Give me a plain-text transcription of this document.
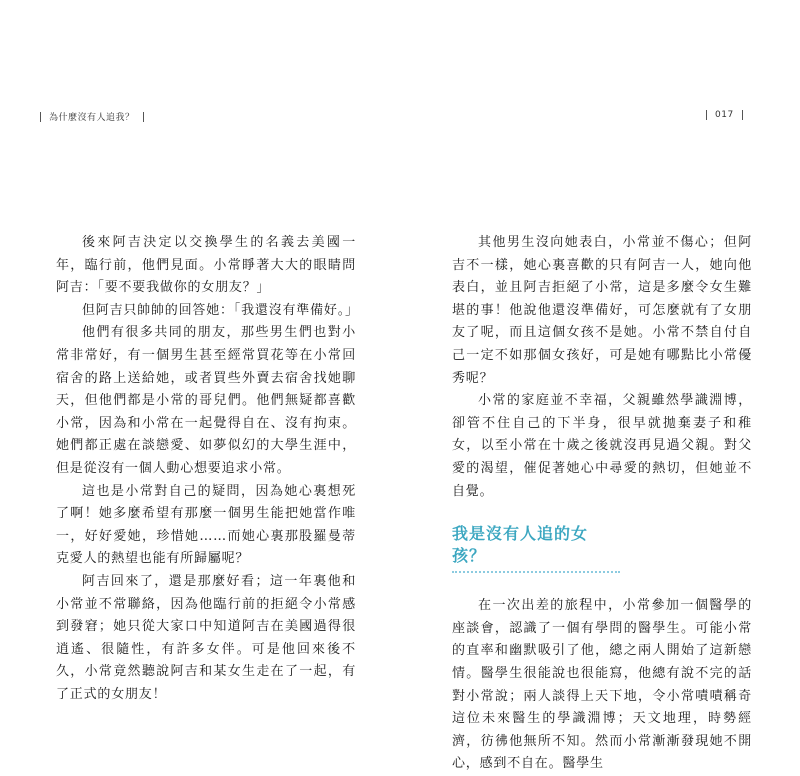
為什麼沒有人追我？	017

後來阿吉決定以交換學生的名義去美國一年，臨行前，他們見面。小常睜著大大的眼睛問阿吉：「要不要我做你的女朋友？」

但阿吉只帥帥的回答她：「我還沒有準備好。」

他們有很多共同的朋友，那些男生們也對小常非常好，有一個男生甚至經常買花等在小常回宿舍的路上送給她，或者買些外賣去宿舍找她聊天，但他們都是小常的哥兒們。他們無疑都喜歡小常，因為和小常在一起覺得自在、沒有拘束。她們都正處在談戀愛、如夢似幻的大學生涯中，但是從沒有一個人動心想要追求小常。

這也是小常對自己的疑問，因為她心裏想死了啊！她多麼希望有那麼一個男生能把她當作唯一，好好愛她，珍惜她……而她心裏那股羅曼蒂克愛人的熱望也能有所歸屬呢？

阿吉回來了，還是那麼好看；這一年裏他和小常並不常聯絡，因為他臨行前的拒絕令小常感到發窘；她只從大家口中知道阿吉在美國過得很逍遙、很隨性，有許多女伴。可是他回來後不久，小常竟然聽說阿吉和某女生走在了一起，有了正式的女朋友！

其他男生沒向她表白，小常並不傷心；但阿吉不一樣，她心裏喜歡的只有阿吉一人，她向他表白，並且阿吉拒絕了小常，這是多麼令女生難堪的事！他說他還沒準備好，可怎麼就有了女朋友了呢，而且這個女孩不是她。小常不禁自付自己一定不如那個女孩好，可是她有哪點比小常優秀呢？

小常的家庭並不幸福，父親雖然學識淵博，卻管不住自己的下半身，很早就拋棄妻子和稚女，以至小常在十歲之後就沒再見過父親。對父愛的渴望，催促著她心中尋愛的熱切，但她並不自覺。

我是沒有人追的女孩？

在一次出差的旅程中，小常參加一個醫學的座談會，認識了一個有學問的醫學生。可能小常的直率和幽默吸引了他，總之兩人開始了這新戀情。醫學生很能說也很能寫，他總有說不完的話對小常說；兩人談得上天下地，令小常嘖嘖稱奇這位未來醫生的學識淵博；天文地理，時勢經濟，彷彿他無所不知。然而小常漸漸發現她不開心，感到不自在。醫學生
